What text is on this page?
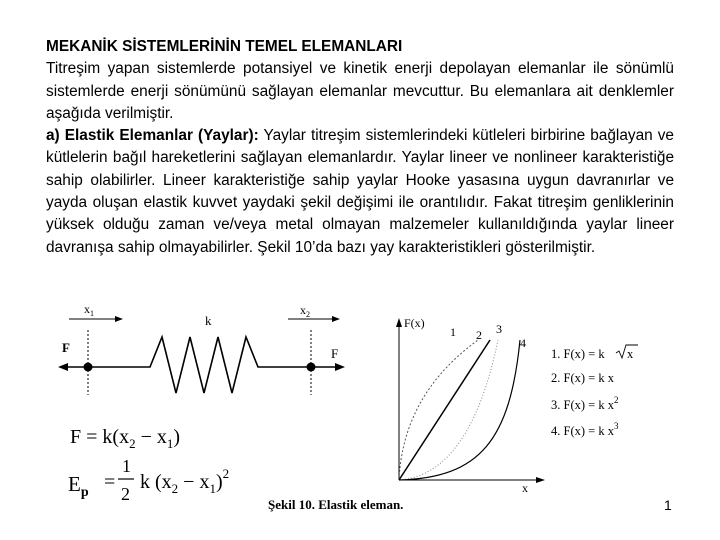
MEKANİK SİSTEMLERİNİN TEMEL ELEMANLARI

Titreşim yapan sistemlerde potansiyel ve kinetik enerji depolayan elemanlar ile sönümlü sistemlerde enerji sönümünü sağlayan elemanlar mevcuttur. Bu elemanlara ait denklemler aşağıda verilmiştir.

a) Elastik Elemanlar (Yaylar): Yaylar titreşim sistemlerindeki kütleleri birbirine bağlayan ve kütlelerin bağıl hareketlerini sağlayan elemanlardır. Yaylar lineer ve nonlineer karakteristiğe sahip olabilirler. Lineer karakteristiğe sahip yaylar Hooke yasasına uygun davranırlar ve yayda oluşan elastik kuvvet yaydaki şekil değişimi ile orantılıdır. Fakat titreşim genliklerinin yüksek olduğu zaman ve/veya metal olmayan malzemeler kullanıldığında yaylar lineer davranışa sahip olmayabilirler. Şekil 10’da bazı yay karakteristikleri gösterilmiştir.

$x_1$	$x_2$
k
F	F
$F = k(x_2 - x_1)$
$E_p$ =
1
2
k $(x_2 - x_1)^2$
F(x)
x
1 2 3
4
1. F(x) = k x
2. F(x) = k x
3. F(x) = k $x^2$
4. F(x) = k $x^3$
Şekil 10. Elastik eleman.	1
